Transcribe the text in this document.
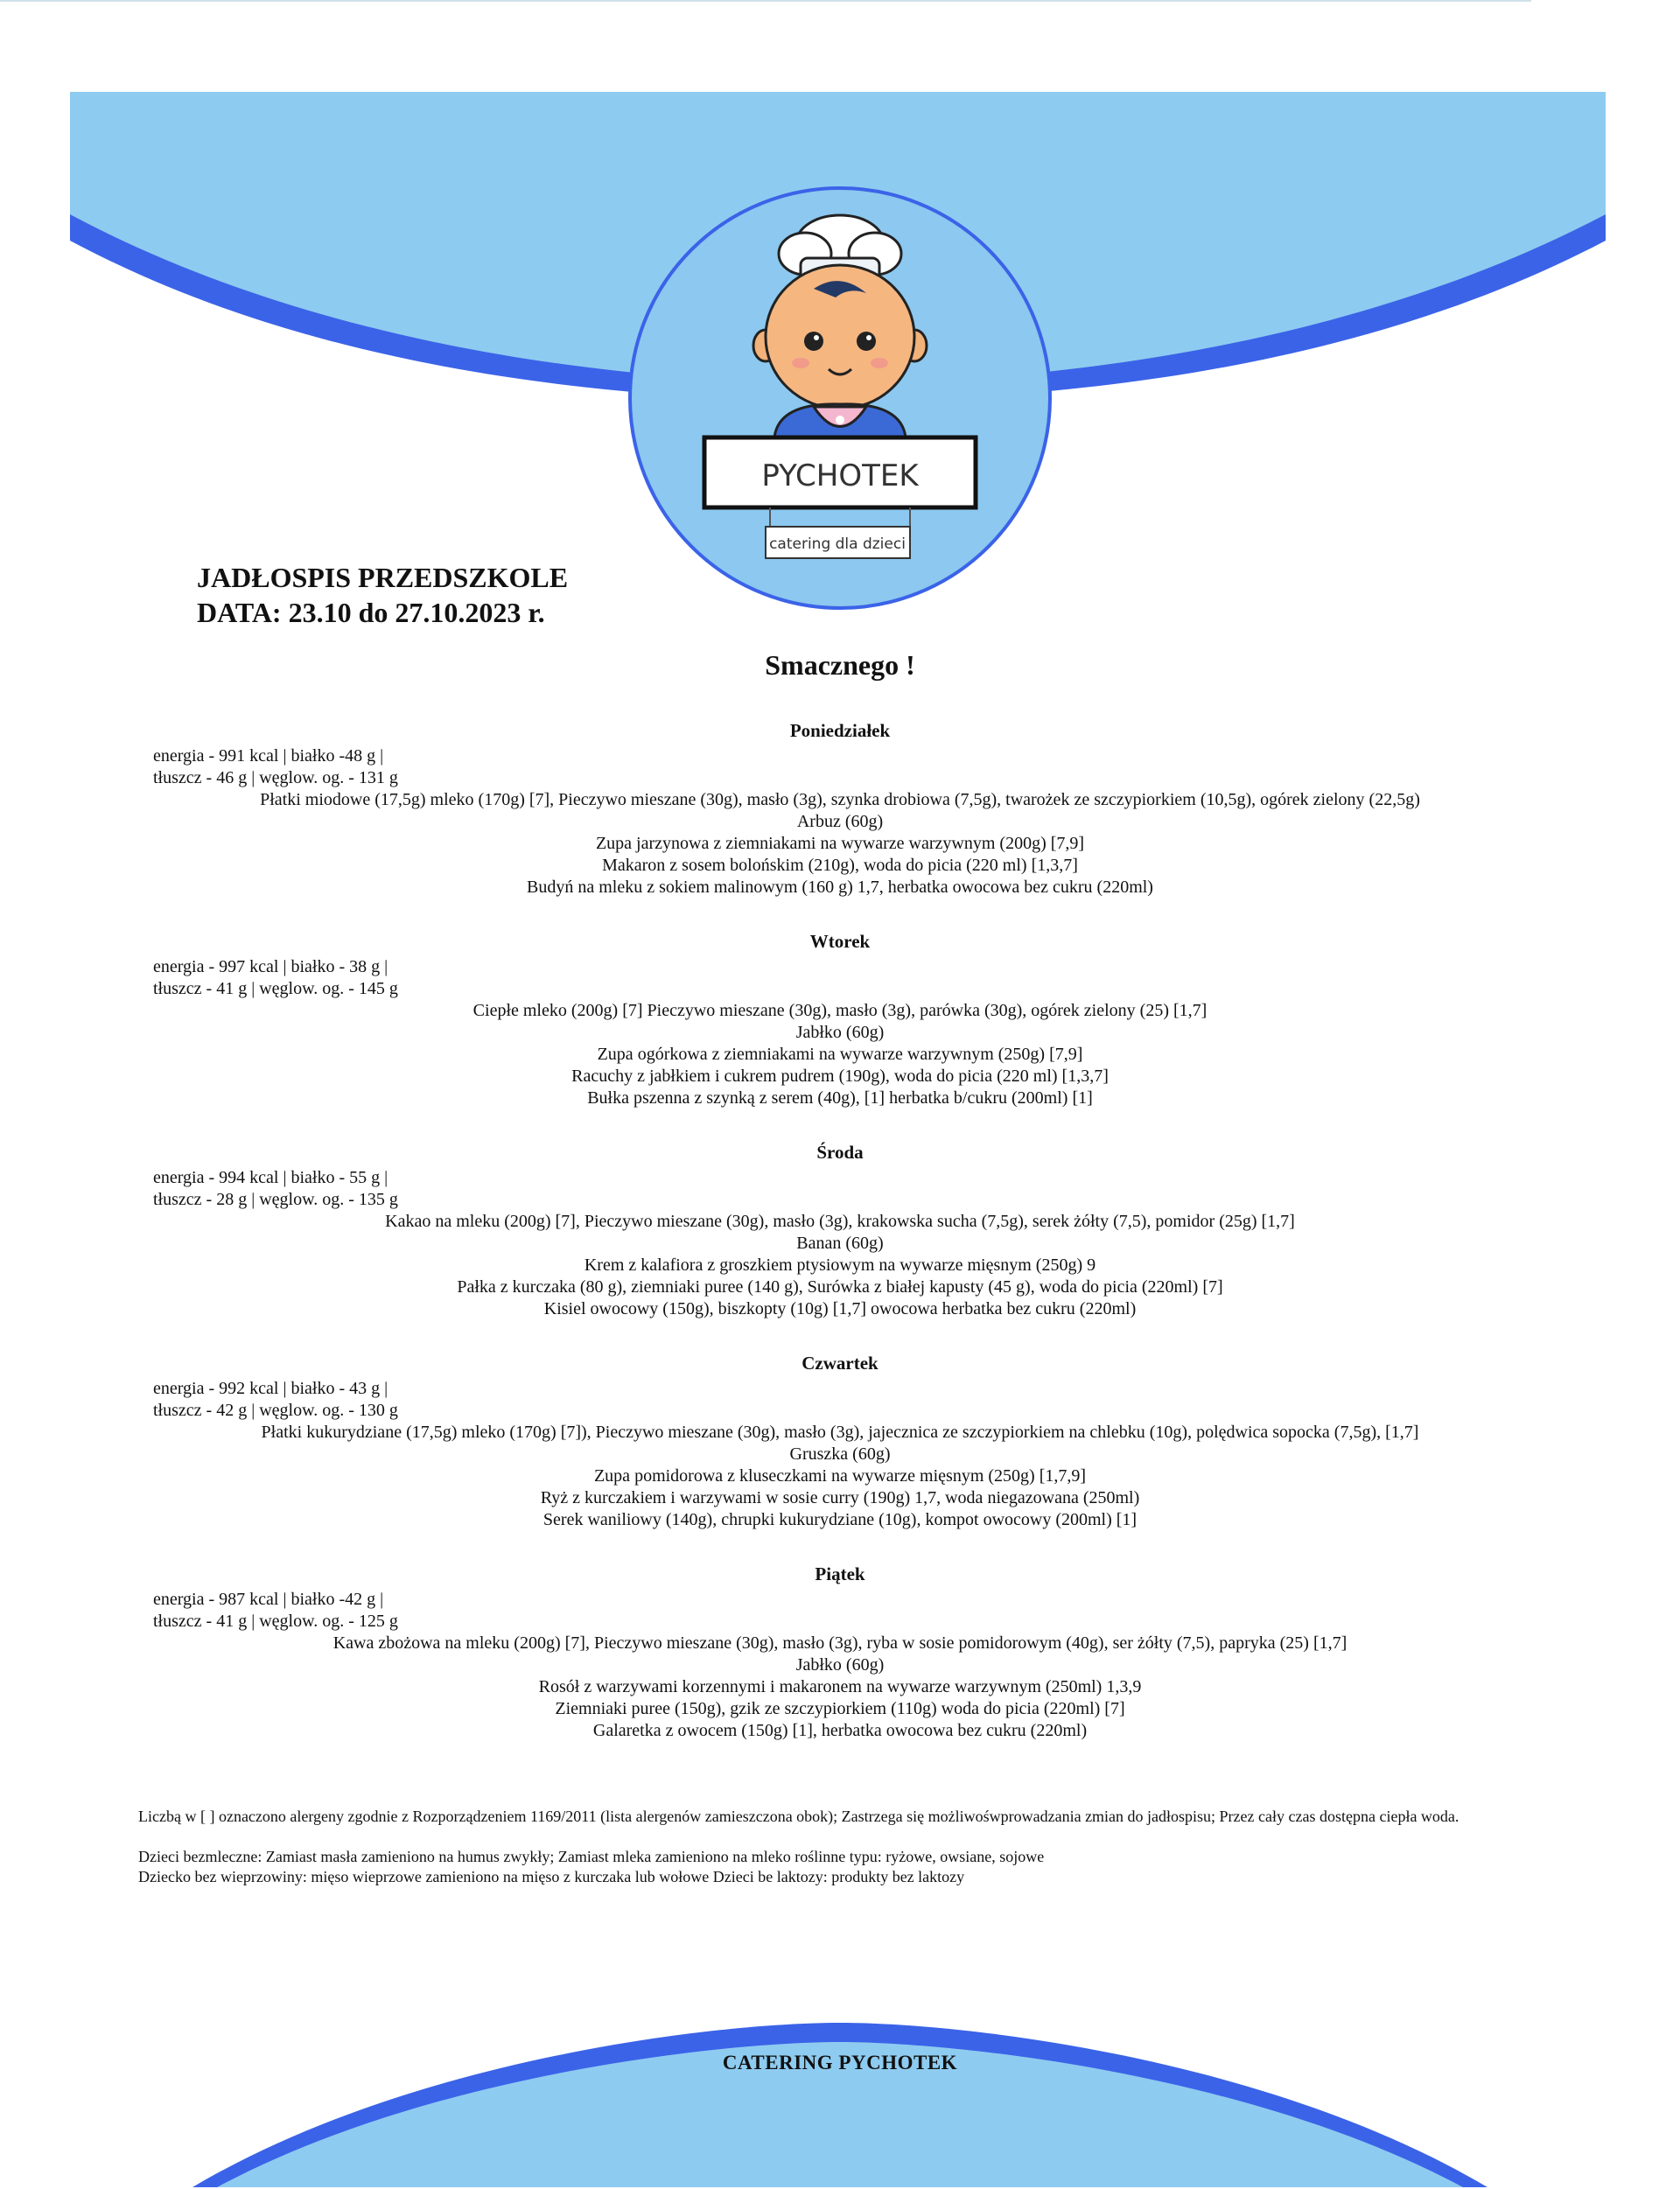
PYCHOTEK
catering dla dzieci
JADŁOSPIS PRZEDSZKOLE
DATA: 23.10 do 27.10.2023 r.
Smacznego !
Poniedziałek
energia - 991 kcal | białko -48 g |
tłuszcz - 46 g | węglow. og. - 131 g
Płatki miodowe (17,5g) mleko (170g) [7], Pieczywo mieszane (30g), masło (3g), szynka drobiowa (7,5g), twarożek ze szczypiorkiem (10,5g), ogórek zielony (22,5g)
Arbuz (60g)
Zupa jarzynowa z ziemniakami na wywarze warzywnym (200g) [7,9]
Makaron z sosem bolońskim (210g), woda do picia (220 ml) [1,3,7]
Budyń na mleku z sokiem malinowym (160 g) 1,7, herbatka owocowa bez cukru (220ml)
Wtorek
energia - 997 kcal | białko - 38 g |
tłuszcz - 41 g | węglow. og. - 145 g
Ciepłe mleko (200g) [7] Pieczywo mieszane (30g), masło (3g), parówka (30g), ogórek zielony (25) [1,7]
Jabłko (60g)
Zupa ogórkowa z ziemniakami na wywarze warzywnym (250g) [7,9]
Racuchy z jabłkiem i cukrem pudrem (190g), woda do picia (220 ml) [1,3,7]
Bułka pszenna z szynką z serem (40g), [1] herbatka b/cukru (200ml) [1]
Środa
energia - 994 kcal | białko - 55 g |
tłuszcz - 28 g | węglow. og. - 135 g
Kakao na mleku (200g) [7], Pieczywo mieszane (30g), masło (3g), krakowska sucha (7,5g), serek żółty (7,5), pomidor (25g) [1,7]
Banan (60g)
Krem z kalafiora z groszkiem ptysiowym na wywarze mięsnym (250g) 9
Pałka z kurczaka (80 g), ziemniaki puree (140 g), Surówka z białej kapusty (45 g), woda do picia (220ml) [7]
Kisiel owocowy (150g), biszkopty (10g) [1,7] owocowa herbatka bez cukru (220ml)
Czwartek
energia - 992 kcal | białko - 43 g |
tłuszcz - 42 g | węglow. og. - 130 g
Płatki kukurydziane (17,5g) mleko (170g) [7]), Pieczywo mieszane (30g), masło (3g), jajecznica ze szczypiorkiem na chlebku (10g), polędwica sopocka (7,5g), [1,7]
Gruszka (60g)
Zupa pomidorowa z kluseczkami na wywarze mięsnym (250g) [1,7,9]
Ryż z kurczakiem i warzywami w sosie curry (190g) 1,7, woda niegazowana (250ml)
Serek waniliowy (140g), chrupki kukurydziane (10g), kompot owocowy (200ml) [1]
Piątek
energia - 987 kcal | białko -42 g |
tłuszcz - 41 g | węglow. og. - 125 g
Kawa zbożowa na mleku (200g) [7], Pieczywo mieszane (30g), masło (3g), ryba w sosie pomidorowym (40g), ser żółty (7,5), papryka (25) [1,7]
Jabłko (60g)
Rosół z warzywami korzennymi i makaronem na wywarze warzywnym (250ml) 1,3,9
Ziemniaki puree (150g), gzik ze szczypiorkiem (110g) woda do picia (220ml) [7]
Galaretka z owocem (150g) [1], herbatka owocowa bez cukru (220ml)

Liczbą w [ ] oznaczono alergeny zgodnie z Rozporządzeniem 1169/2011 (lista alergenów zamieszczona obok); Zastrzega się możliwośwprowadzania zmian do jadłospisu; Przez cały czas dostępna ciepła woda.

Dzieci bezmleczne: Zamiast masła zamieniono na humus zwykły; Zamiast mleka zamieniono na mleko roślinne typu: ryżowe, owsiane, sojowe
Dziecko bez wieprzowiny: mięso wieprzowe zamieniono na mięso z kurczaka lub wołowe Dzieci be laktozy: produkty bez laktozy
CATERING PYCHOTEK
